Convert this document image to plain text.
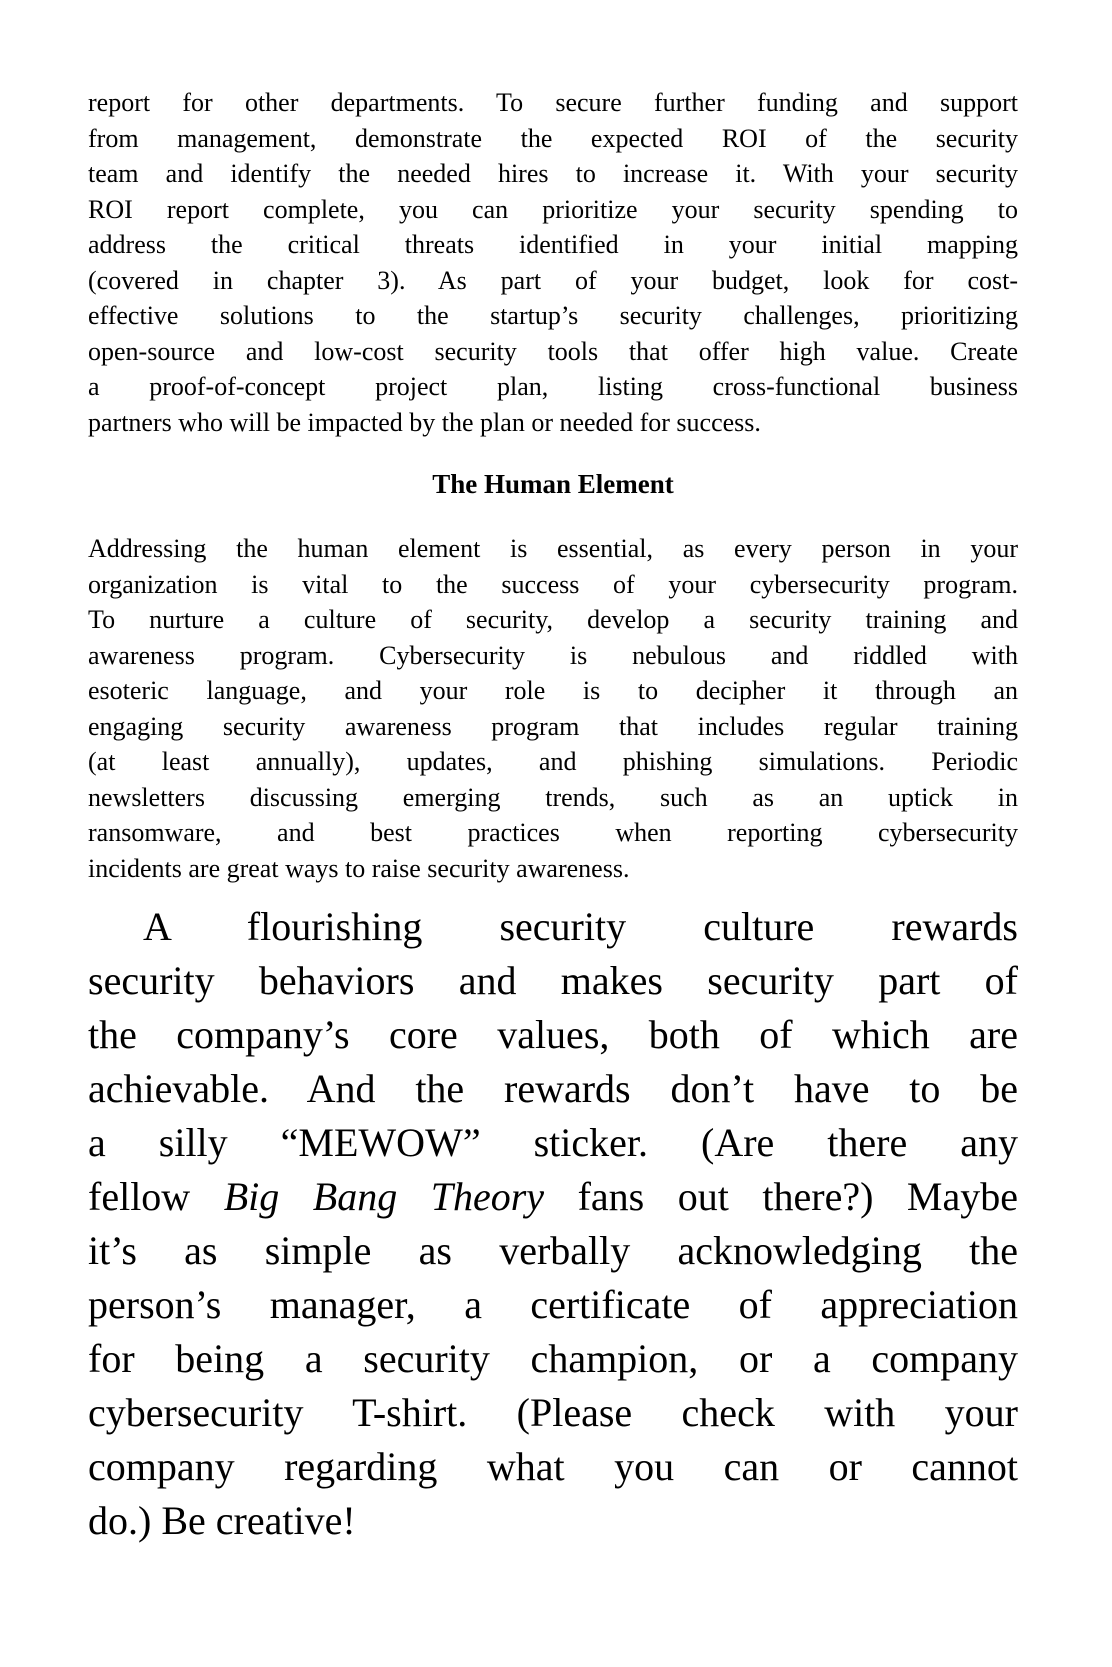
report for other departments. To secure further funding and support
from management, demonstrate the expected ROI of the security
team and identify the needed hires to increase it. With your security
ROI report complete, you can prioritize your security spending to
address the critical threats identified in your initial mapping
(covered in chapter 3). As part of your budget, look for cost-
effective solutions to the startup’s security challenges, prioritizing
open-source and low-cost security tools that offer high value. Create
a proof-of-concept project plan, listing cross-functional business
partners who will be impacted by the plan or needed for success.
The Human Element
Addressing the human element is essential, as every person in your
organization is vital to the success of your cybersecurity program.
To nurture a culture of security, develop a security training and
awareness program. Cybersecurity is nebulous and riddled with
esoteric language, and your role is to decipher it through an
engaging security awareness program that includes regular training
(at least annually), updates, and phishing simulations. Periodic
newsletters discussing emerging trends, such as an uptick in
ransomware, and best practices when reporting cybersecurity
incidents are great ways to raise security awareness.
A flourishing security culture rewards
security behaviors and makes security part of
the company’s core values, both of which are
achievable. And the rewards don’t have to be
a silly “MEWOW” sticker. (Are there any
fellow Big Bang Theory fans out there?) Maybe
it’s as simple as verbally acknowledging the
person’s manager, a certificate of appreciation
for being a security champion, or a company
cybersecurity T-shirt. (Please check with your
company regarding what you can or cannot
do.) Be creative!
